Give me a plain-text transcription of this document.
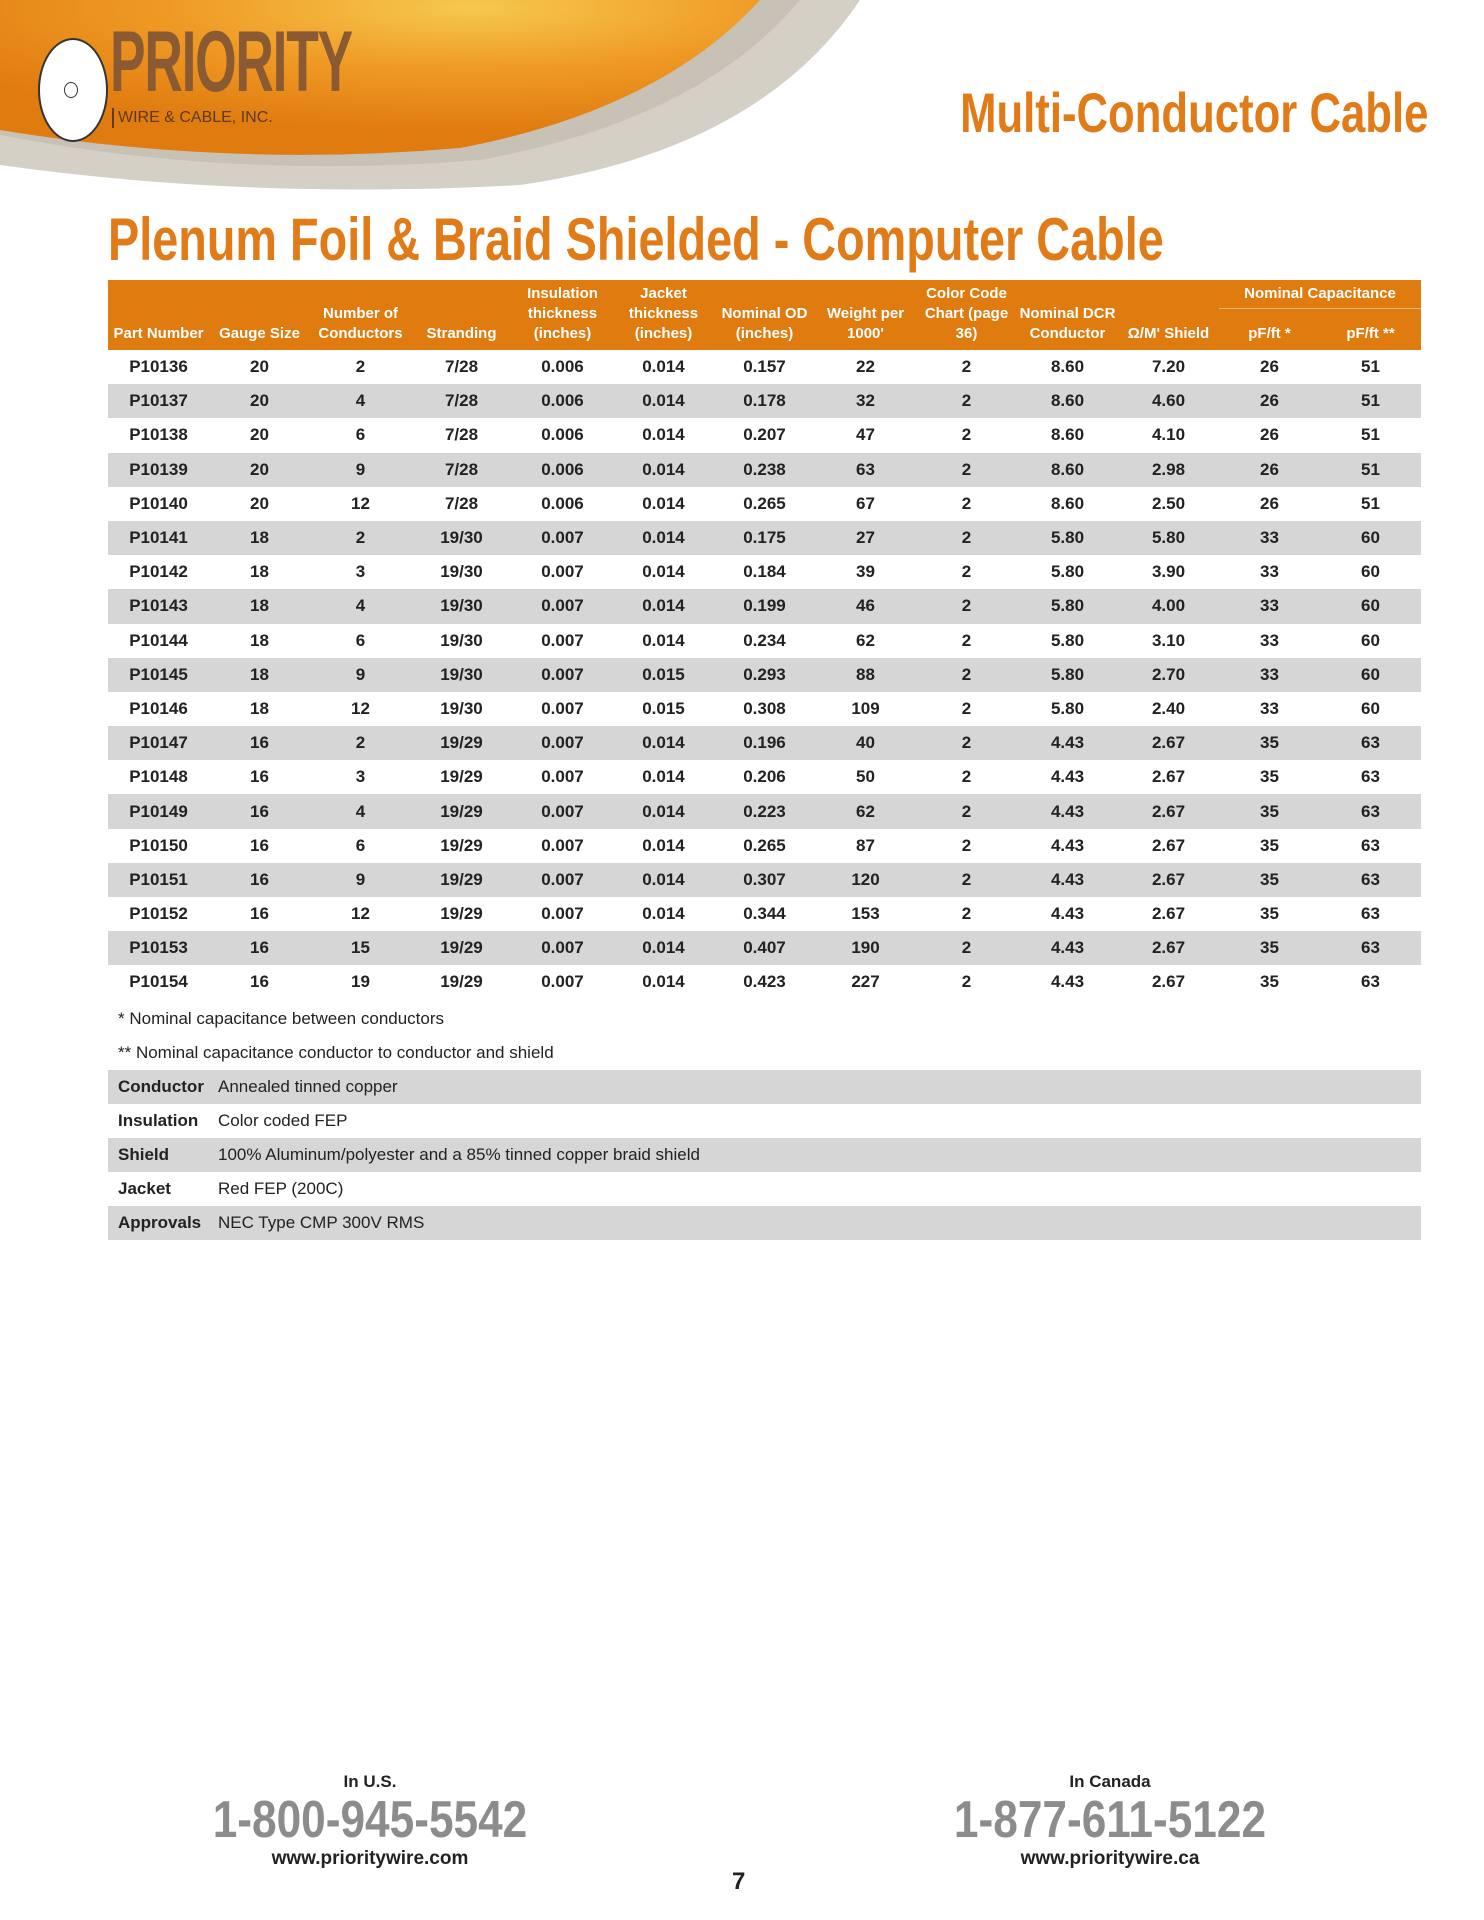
PRIORITY
WIRE & CABLE, INC.	Multi-Conductor Cable
Plenum Foil & Braid Shielded - Computer Cable
Part Number	Gauge Size	Number of Conductors	Stranding	Insulation thickness (inches)	Jacket thickness (inches)	Nominal OD (inches)	Weight per 1000'	Color Code Chart (page 36)	Nominal DCR Conductor	Ω/M' Shield	Nominal Capacitance	
											pF/ft *	pF/ft **
P10136	20	2	7/28	0.006	0.014	0.157	22	2	8.60	7.20	26	51
P10137	20	4	7/28	0.006	0.014	0.178	32	2	8.60	4.60	26	51
P10138	20	6	7/28	0.006	0.014	0.207	47	2	8.60	4.10	26	51
P10139	20	9	7/28	0.006	0.014	0.238	63	2	8.60	2.98	26	51
P10140	20	12	7/28	0.006	0.014	0.265	67	2	8.60	2.50	26	51
P10141	18	2	19/30	0.007	0.014	0.175	27	2	5.80	5.80	33	60
P10142	18	3	19/30	0.007	0.014	0.184	39	2	5.80	3.90	33	60
P10143	18	4	19/30	0.007	0.014	0.199	46	2	5.80	4.00	33	60
P10144	18	6	19/30	0.007	0.014	0.234	62	2	5.80	3.10	33	60
P10145	18	9	19/30	0.007	0.015	0.293	88	2	5.80	2.70	33	60
P10146	18	12	19/30	0.007	0.015	0.308	109	2	5.80	2.40	33	60
P10147	16	2	19/29	0.007	0.014	0.196	40	2	4.43	2.67	35	63
P10148	16	3	19/29	0.007	0.014	0.206	50	2	4.43	2.67	35	63
P10149	16	4	19/29	0.007	0.014	0.223	62	2	4.43	2.67	35	63
P10150	16	6	19/29	0.007	0.014	0.265	87	2	4.43	2.67	35	63
P10151	16	9	19/29	0.007	0.014	0.307	120	2	4.43	2.67	35	63
P10152	16	12	19/29	0.007	0.014	0.344	153	2	4.43	2.67	35	63
P10153	16	15	19/29	0.007	0.014	0.407	190	2	4.43	2.67	35	63
P10154	16	19	19/29	0.007	0.014	0.423	227	2	4.43	2.67	35	63
* Nominal capacitance between conductors
** Nominal capacitance conductor to conductor and shield
Conductor Annealed tinned copper
Insulation	Color coded FEP
Shield	100% Aluminum/polyester and a 85% tinned copper braid shield
Jacket	Red FEP (200C)
Approvals NEC Type CMP 300V RMS
In U.S.
1-800-945-5542
www.prioritywire.com
In Canada
1-877-611-5122
www.prioritywire.ca
7
